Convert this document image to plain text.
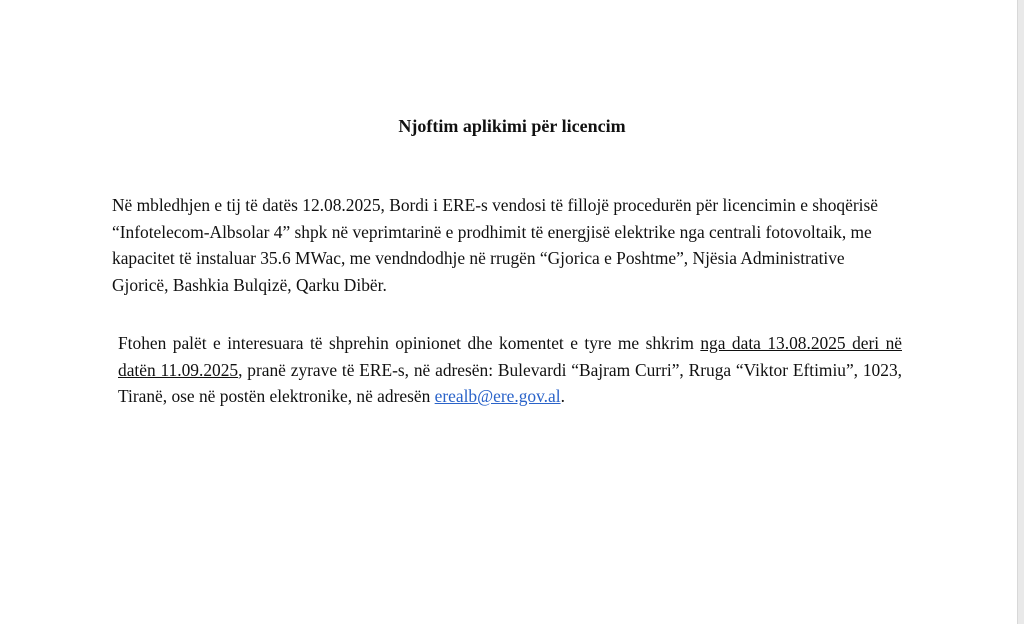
Njoftim aplikimi për licencim

Në mbledhjen e tij të datës 12.08.2025, Bordi i ERE-s vendosi të fillojë procedurën për licencimin e shoqërisë “Infotelecom-Albsolar 4” shpk në veprimtarinë e prodhimit të energjisë elektrike nga centrali fotovoltaik, me kapacitet të instaluar 35.6 MWac, me vendndodhje në rrugën “Gjorica e Poshtme”, Njësia Administrative Gjoricë, Bashkia Bulqizë, Qarku Dibër.

Ftohen palët e interesuara të shprehin opinionet dhe komentet e tyre me shkrim nga data 13.08.2025 deri në datën 11.09.2025, pranë zyrave të ERE-s, në adresën: Bulevardi “Bajram Curri”, Rruga “Viktor Eftimiu”, 1023, Tiranë, ose në postën elektronike, në adresën erealb@ere.gov.al.
